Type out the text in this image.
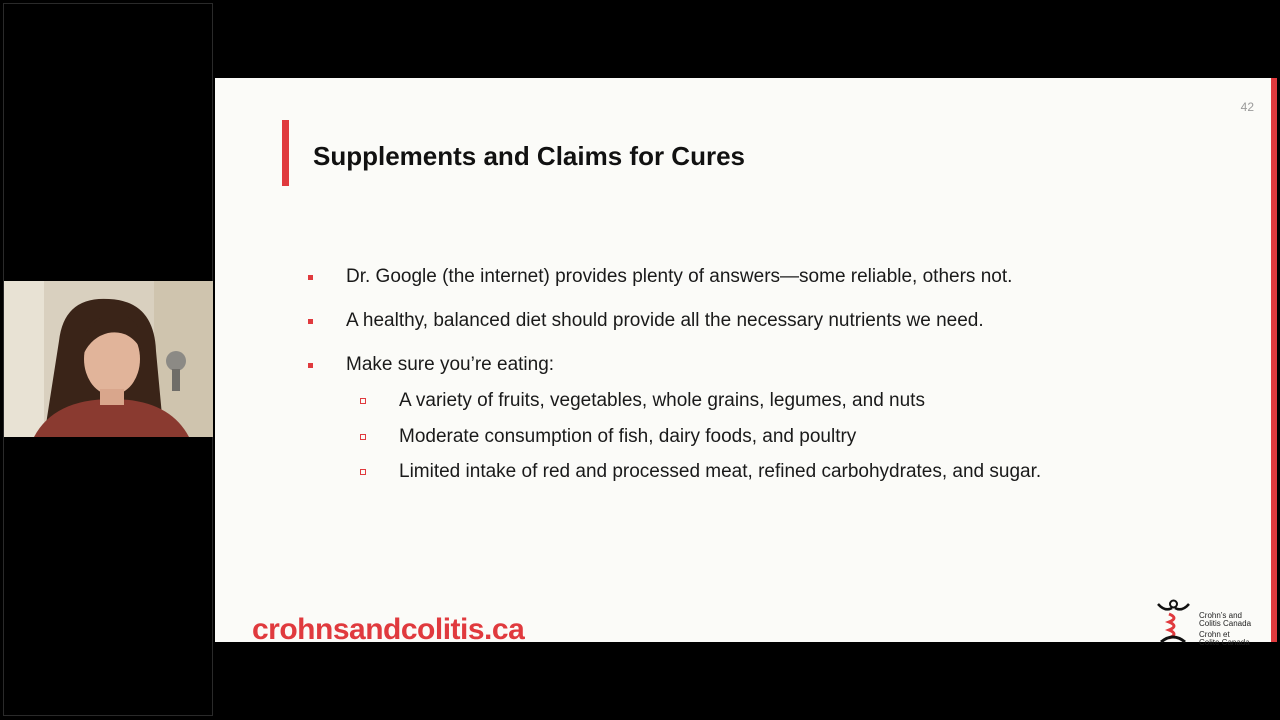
42
Supplements and Claims for Cures
Dr. Google (the internet) provides plenty of answers—some reliable, others not.
A healthy, balanced diet should provide all the necessary nutrients we need.
Make sure you’re eating:
A variety of fruits, vegetables, whole grains, legumes, and nuts
Moderate consumption of fish, dairy foods, and poultry
Limited intake of red and processed meat, refined carbohydrates, and sugar.
crohnsandcolitis.ca	Crohn’s and
Colitis Canada
Crohn et
Colite Canada
